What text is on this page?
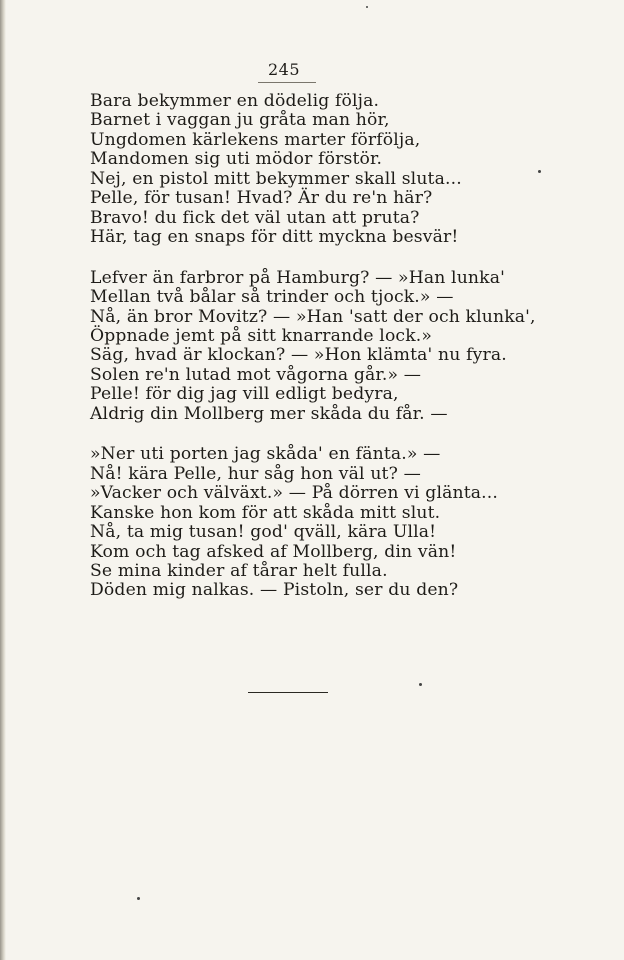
245
Bara bekymmer en dödelig följa.
Barnet i vaggan ju gråta man hör,
Ungdomen kärlekens marter förfölja,
Mandomen sig uti mödor förstör.
Nej, en pistol mitt bekymmer skall sluta...
Pelle, för tusan! Hvad? Är du re'n här?
Bravo! du fick det väl utan att pruta?
Här, tag en snaps för ditt myckna besvär!
Lefver än farbror på Hamburg? — »Han lunka'
Mellan två bålar så trinder och tjock.» —
Nå, än bror Movitz? — »Han 'satt der och klunka',
Öppnade jemt på sitt knarrande lock.»
Säg, hvad är klockan? — »Hon klämta' nu fyra.
Solen re'n lutad mot vågorna går.» —
Pelle! för dig jag vill edligt bedyra,
Aldrig din Mollberg mer skåda du får. —
»Ner uti porten jag skåda' en fänta.» —
Nå! kära Pelle, hur såg hon väl ut? —
»Vacker och välväxt.» — På dörren vi glänta...
Kanske hon kom för att skåda mitt slut.
Nå, ta mig tusan! god' qväll, kära Ulla!
Kom och tag afsked af Mollberg, din vän!
Se mina kinder af tårar helt fulla.
Döden mig nalkas. — Pistoln, ser du den?
